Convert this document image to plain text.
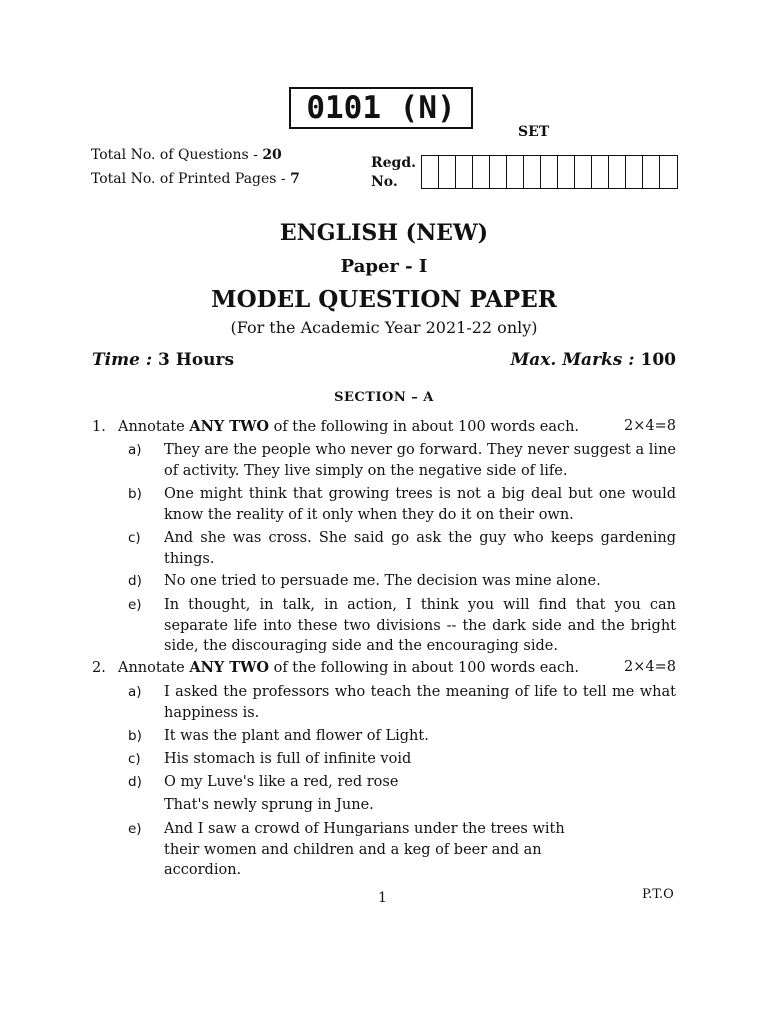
0101 (N)
SET
Total No. of Questions - 20
Total No. of Printed Pages - 7
Regd.
No.
ENGLISH (NEW)
Paper - I
MODEL QUESTION PAPER
(For the Academic Year 2021-22 only)
Time : 3 Hours	Max. Marks : 100
SECTION – A
1. Annotate ANY TWO of the following in about 100 words each.	2×4=8
a)	They are the people who never go forward. They never suggest a line of activity. They live simply on the negative side of life.
b)	One might think that growing trees is not a big deal but one would know the reality of it only when they do it on their own.
c)	And she was cross. She said go ask the guy who keeps gardening things.
d)	No one tried to persuade me. The decision was mine alone.
e)	In thought, in talk, in action, I think you will find that you can separate life into these two divisions -- the dark side and the bright side, the discouraging side and the encouraging side.
2. Annotate ANY TWO of the following in about 100 words each.	2×4=8
a)	I asked the professors who teach the meaning of life to tell me what happiness is.
b)	It was the plant and flower of Light.
c)	His stomach is full of infinite void
d)	O my Luve's like a red, red rose
That's newly sprung in June.
e)	And I saw a crowd of Hungarians under the trees with their women and children and a keg of beer and an accordion.
1	P.T.O
